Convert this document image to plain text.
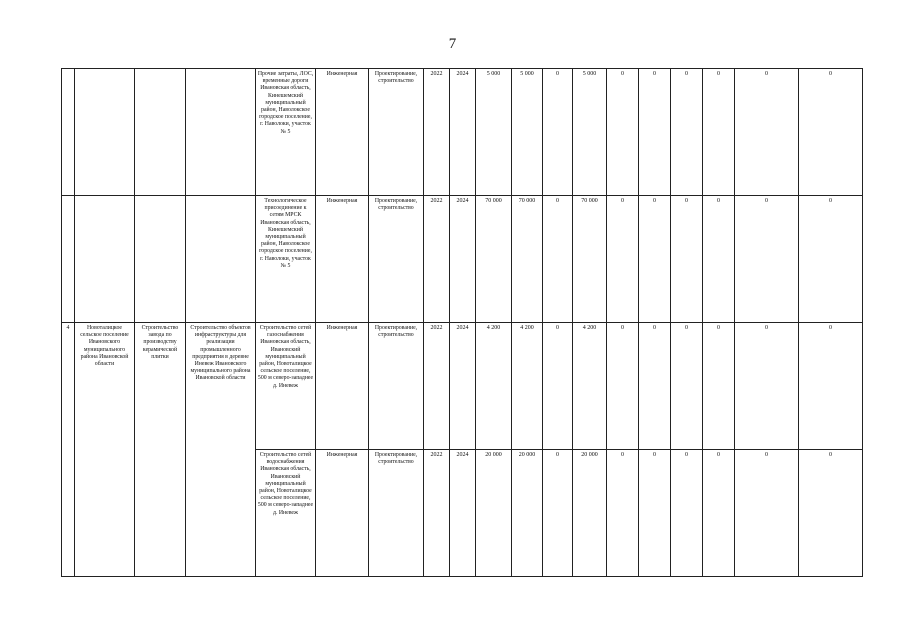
7
				Прочие затраты, ЛОС, временные дороги Ивановская область, Кинешемский муниципальный район, Наволокское городское поселение, г. Наволоки, участок № 5	Инженерная	Проектирование, строительство	2022	2024	5 000	5 000	0	5 000	0	0	0	0	0	0
				Технологическое присоединение к сетям МРСК Ивановская область, Кинешемский муниципальный район, Наволокское городское поселение, г. Наволоки, участок № 5	Инженерная	Проектирование, строительство	2022	2024	70 000	70 000	0	70 000	0	0	0	0	0	0
4	Новоталицкое сельское поселение Ивановского муниципального района Ивановской области	Строительство завода по производству керамической плитки	Строительство объектов инфраструктуры для реализации промышленного предприятия в деревне Иневеж Ивановского муниципального района Ивановской области	Строительство сетей газоснабжения Ивановская область, Ивановский муниципальный район, Новоталицкое сельское поселение, 500 м северо-западнее д. Иневеж	Инженерная	Проектирование, строительство	2022	2024	4 200	4 200	0	4 200	0	0	0	0	0	0
				Строительство сетей водоснабжения Ивановская область, Ивановский муниципальный район, Новоталицкое сельское поселение, 500 м северо-западнее д. Иневеж	Инженерная	Проектирование, строительство	2022	2024	20 000	20 000	0	20 000	0	0	0	0	0	0
